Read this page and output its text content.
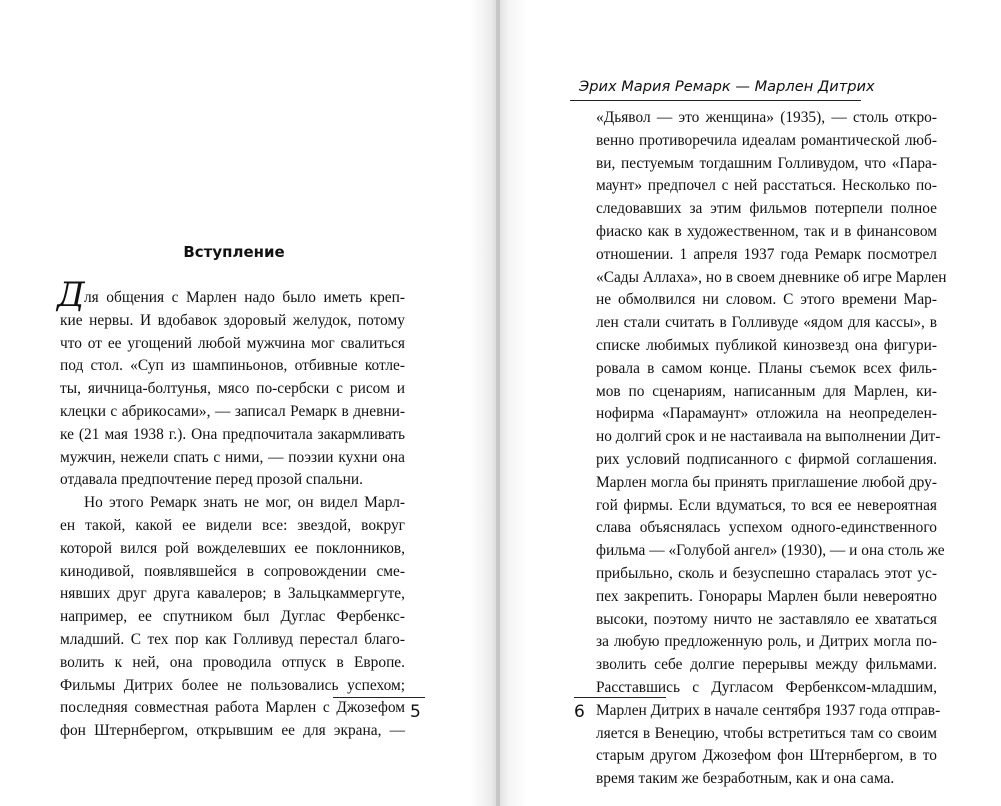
Вступление
Д ля общения с Марлен надо было иметь креп-
кие нервы. И вдобавок здоровый желудок, потому
что от ее угощений любой мужчина мог свалиться
под стол. «Суп из шампиньонов, отбивные котле-
ты, яичница-болтунья, мясо по-сербски с рисом и
клецки с абрикосами», — записал Ремарк в дневни-
ке (21 мая 1938 г.). Она предпочитала закармливать
мужчин, нежели спать с ними, — поэзии кухни она
отдавала предпочтение перед прозой спальни.
Но этого Ремарк знать не мог, он видел Марл-
ен такой, какой ее видели все: звездой, вокруг
которой вился рой вожделевших ее поклонников,
кинодивой, появлявшейся в сопровождении сме-
нявших друг друга кавалеров; в Зальцкаммергуте,
например, ее спутником был Дуглас Фербенкс-
младший. С тех пор как Голливуд перестал благо-
волить к ней, она проводила отпуск в Европе.
Фильмы Дитрих более не пользовались успехом;
последняя совместная работа Марлен с Джозефом
фон Штернбергом, открывшим ее для экрана, —
5
Эрих Мария Ремарк — Марлен Дитрих
«Дьявол — это женщина» (1935), — столь откро-
венно противоречила идеалам романтической люб-
ви, пестуемым тогдашним Голливудом, что «Пара-
маунт» предпочел с ней расстаться. Несколько по-
следовавших за этим фильмов потерпели полное
фиаско как в художественном, так и в финансовом
отношении. 1 апреля 1937 года Ремарк посмотрел
«Сады Аллаха», но в своем дневнике об игре Марлен
не обмолвился ни словом. С этого времени Мар-
лен стали считать в Голливуде «ядом для кассы», в
списке любимых публикой кинозвезд она фигури-
ровала в самом конце. Планы съемок всех филь-
мов по сценариям, написанным для Марлен, ки-
нофирма «Парамаунт» отложила на неопределен-
но долгий срок и не настаивала на выполнении Дит-
рих условий подписанного с фирмой соглашения.
Марлен могла бы принять приглашение любой дру-
гой фирмы. Если вдуматься, то вся ее невероятная
слава объяснялась успехом одного-единственного
фильма — «Голубой ангел» (1930), — и она столь же
прибыльно, сколь и безуспешно старалась этот ус-
пех закрепить. Гонорары Марлен были невероятно
высоки, поэтому ничто не заставляло ее хвататься
за любую предложенную роль, и Дитрих могла по-
зволить себе долгие перерывы между фильмами.
Расставшись с Дугласом Фербенксом-младшим,
Марлен Дитрих в начале сентября 1937 года отправ-
ляется в Венецию, чтобы встретиться там со своим
старым другом Джозефом фон Штернбергом, в то
время таким же безработным, как и она сама.
6
